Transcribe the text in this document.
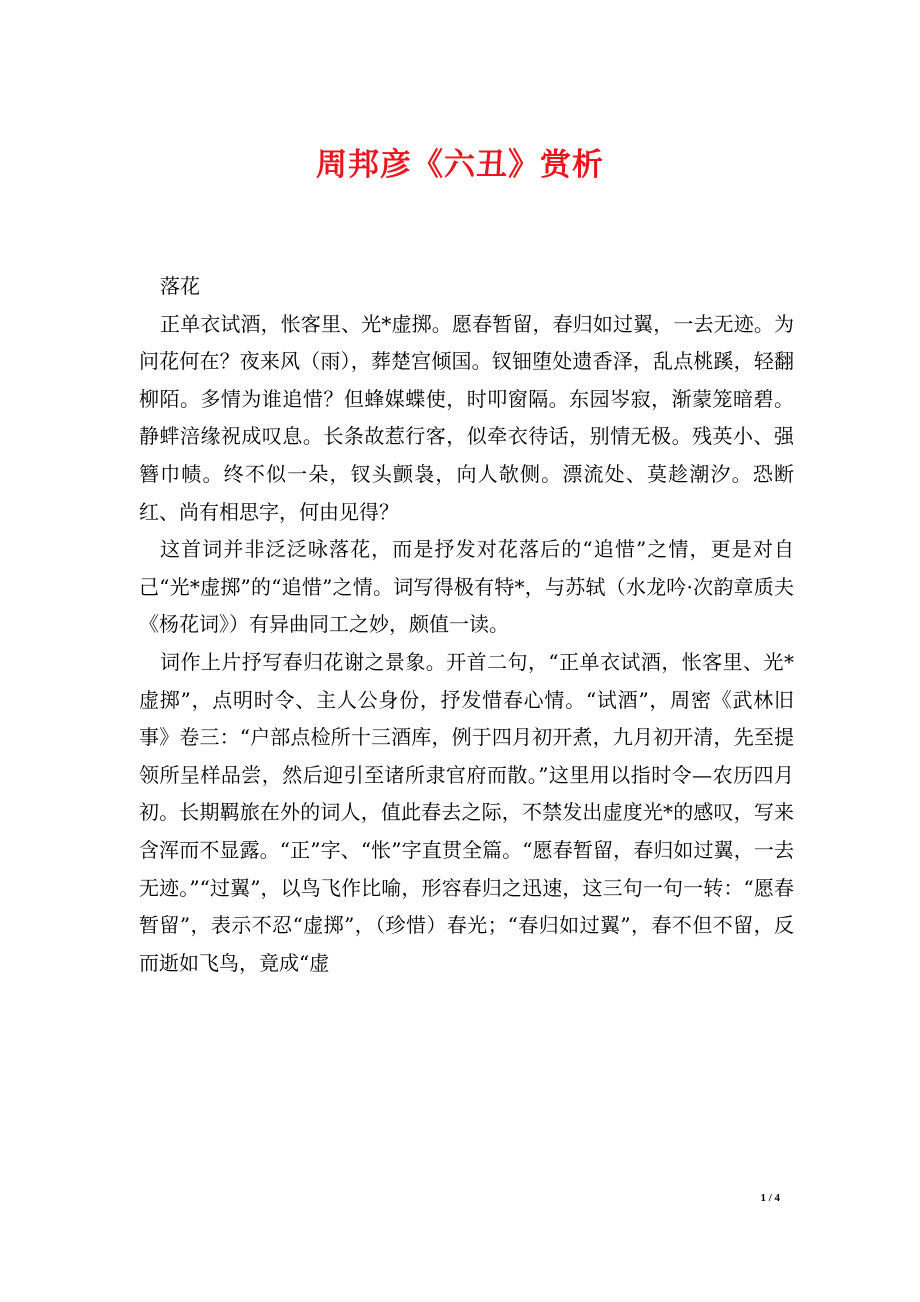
周邦彦《六丑》赏析

落花

正单衣试酒，怅客里、光*虚掷。愿春暂留，春归如过翼，一去无迹。为问花何在？夜来风（雨），葬楚宫倾国。钗钿堕处遗香泽，乱点桃蹊，轻翻柳陌。多情为谁追惜？但蜂媒蝶使，时叩窗隔。东园岑寂，渐蒙笼暗碧。静蝆涪缘祝成叹息。长条故惹行客，似牵衣待话，别情无极。残英小、强簪巾帻。终不似一朵，钗头颤袅，向人欹侧。漂流处、莫趁潮汐。恐断红、尚有相思字，何由见得？

这首词并非泛泛咏落花，而是抒发对花落后的“追惜”之情，更是对自己“光*虚掷”的“追惜”之情。词写得极有特*，与苏轼（水龙吟·次韵章质夫《杨花词》）有异曲同工之妙，颇值一读。

词作上片抒写春归花谢之景象。开首二句，“正单衣试酒，怅客里、光*虚掷”，点明时令、主人公身份，抒发惜春心情。“试酒”，周密《武林旧事》卷三：“户部点检所十三酒库，例于四月初开煮，九月初开清，先至提领所呈样品尝，然后迎引至诸所隶官府而散。”这里用以指时令—农历四月初。长期羁旅在外的词人，值此春去之际，不禁发出虚度光*的感叹，写来含浑而不显露。“正”字、“怅”字直贯全篇。“愿春暂留，春归如过翼，一去无迹。”“过翼”，以鸟飞作比喻，形容春归之迅速，这三句一句一转：“愿春暂留”，表示不忍“虚掷”，（珍惜）春光；“春归如过翼”，春不但不留，反而逝如飞鸟，竟成“虚

1 / 4
